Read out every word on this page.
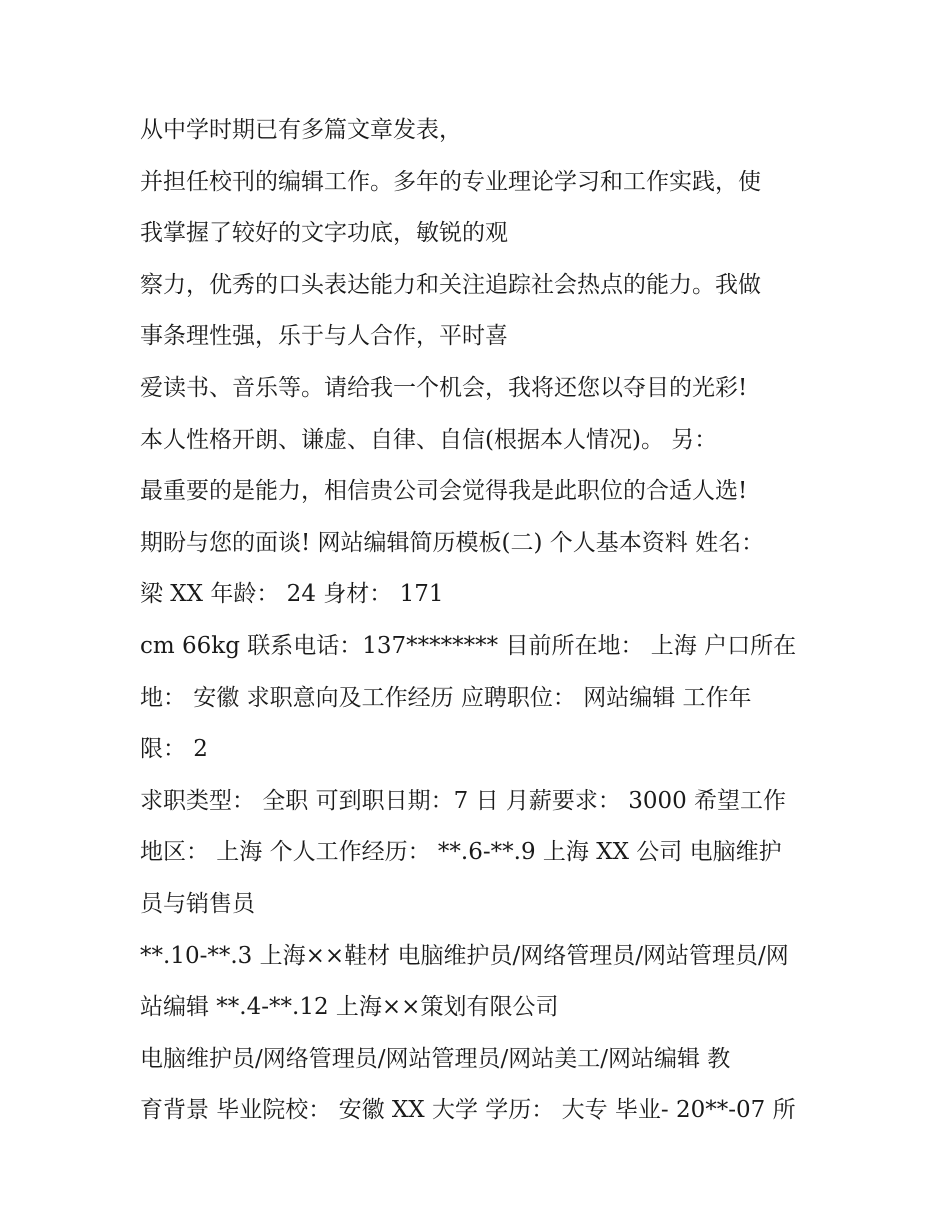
从中学时期已有多篇文章发表，
并担任校刊的编辑工作。多年的专业理论学习和工作实践，使
我掌握了较好的文字功底，敏锐的观
察力，优秀的口头表达能力和关注追踪社会热点的能力。我做
事条理性强，乐于与人合作，平时喜
爱读书、音乐等。请给我一个机会，我将还您以夺目的光彩!
本人性格开朗、谦虚、自律、自信(根据本人情况)。 另：
最重要的是能力，相信贵公司会觉得我是此职位的合适人选!
期盼与您的面谈! 网站编辑简历模板(二) 个人基本资料 姓名：
梁 XX 年龄： 24 身材： 171
cm 66kg 联系电话：137******** 目前所在地： 上海 户口所在
地： 安徽 求职意向及工作经历 应聘职位： 网站编辑 工作年
限： 2
求职类型： 全职 可到职日期：7 日 月薪要求： 3000 希望工作
地区： 上海 个人工作经历： **.6-**.9 上海 XX 公司 电脑维护
员与销售员
**.10-**.3 上海××鞋材 电脑维护员/网络管理员/网站管理员/网
站编辑 **.4-**.12 上海××策划有限公司
电脑维护员/网络管理员/网站管理员/网站美工/网站编辑 教
育背景 毕业院校： 安徽 XX 大学 学历： 大专 毕业- 20**-07 所
